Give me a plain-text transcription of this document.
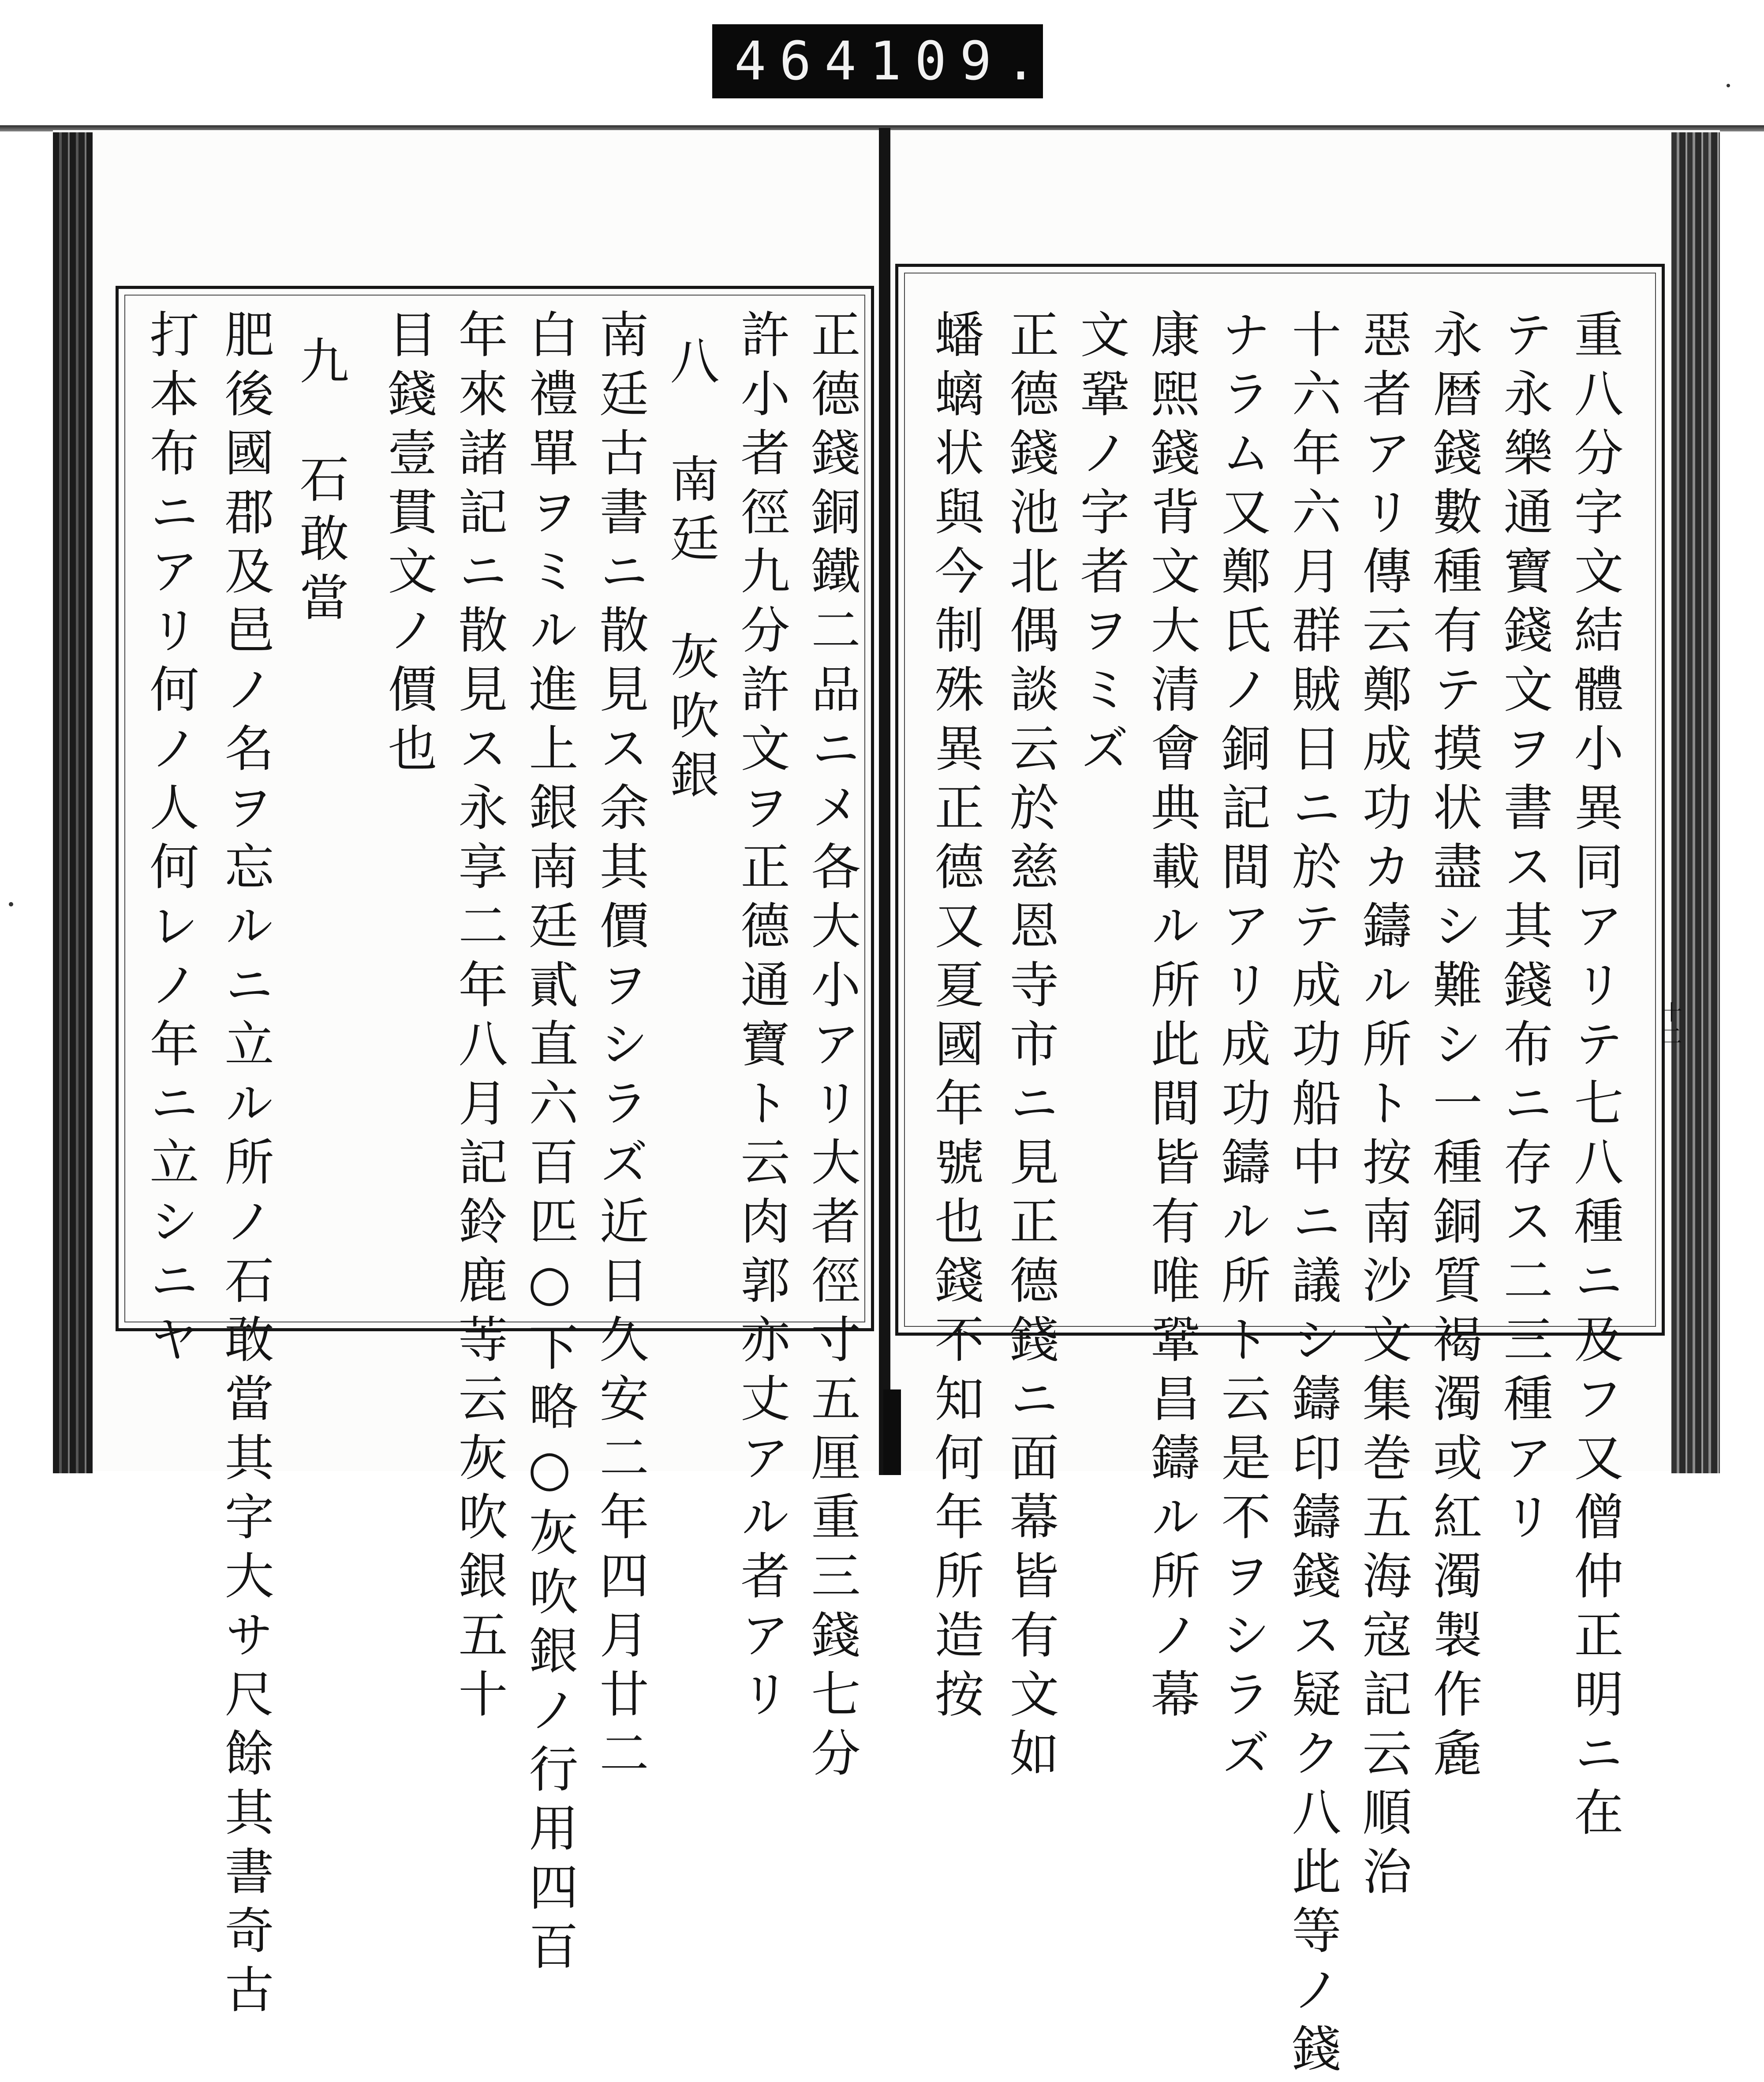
464 109.
十二
重八分字文結體小異同アリテ七八種ニ及フ又僧仲正明ニ在
テ永樂通寶錢文ヲ書ス其錢布ニ存ス二三種アリ
永暦錢數種有テ摸状盡シ難シ一種銅質褐濁或紅濁製作麁
惡者アリ傳云鄭成功カ鑄ル所ト按南沙文集巻五海寇記云順治
十六年六月群賊日ニ於テ成功船中ニ議シ鑄印鑄錢ス疑ク八此等ノ錢
ナラム又鄭氏ノ銅記間アリ成功鑄ル所ト云是不ヲシラズ
康煕錢背文大清會典載ル所此間皆有唯鞏昌鑄ル所ノ幕
文鞏ノ字者ヲミズ
正德錢池北偶談云於慈恩寺市ニ見正德錢ニ面幕皆有文如
蟠螭状與今制殊異正德又夏國年號也錢不知何年所造按
正德錢銅鐵二品ニメ各大小アリ大者徑寸五厘重三錢七分
許小者徑九分許文ヲ正德通寶ト云肉郭亦丈アル者アリ
八　南廷　灰吹銀
南廷古書ニ散見ス余其價ヲシラズ近日久安二年四月廿二
白禮單ヲミル進上銀南廷貳直六百匹○下略○灰吹銀ノ行用四百
年來諸記ニ散見ス永享二年八月記鈴鹿䓁云灰吹銀五十
目錢壹貫文ノ價也
九　石敢當
肥後國郡及邑ノ名ヲ忘ルニ立ル所ノ石敢當其字大サ尺餘其書奇古
打本布ニアリ何ノ人何レノ年ニ立シニヤ
